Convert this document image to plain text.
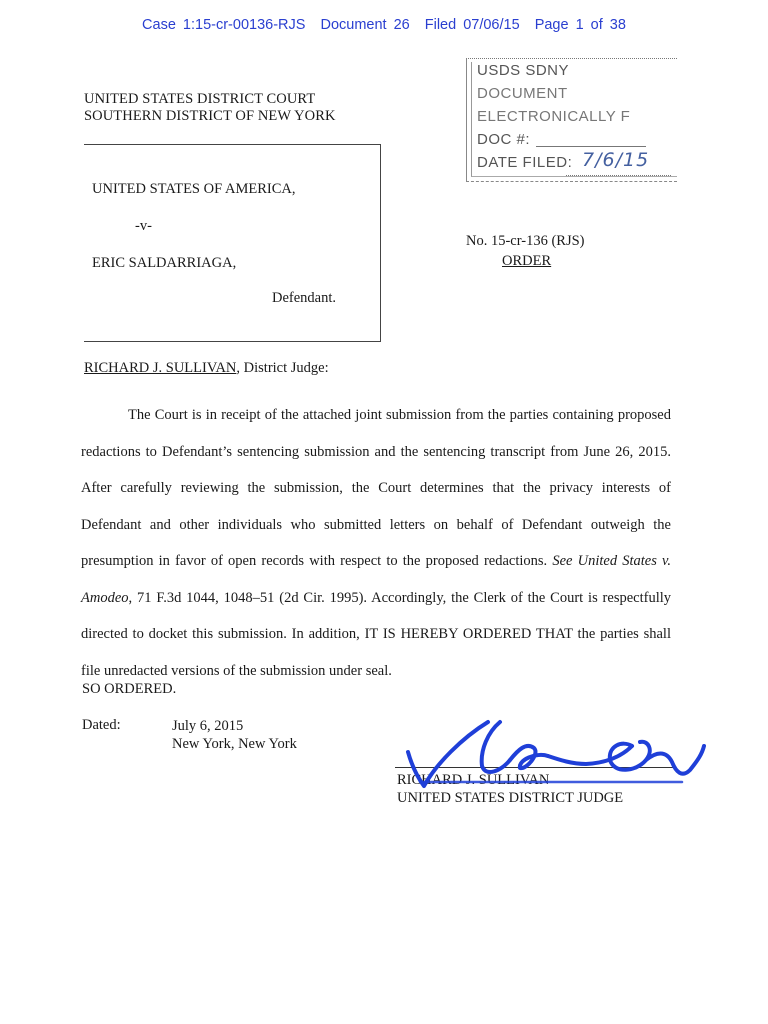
Case 1:15-cr-00136-RJS Document 26 Filed 07/06/15 Page 1 of 38
UNITED STATES DISTRICT COURT
SOUTHERN DISTRICT OF NEW YORK
USDS SDNY
DOCUMENT
ELECTRONICALLY F
DOC #:
DATE FILED: 7/6/15
UNITED STATES OF AMERICA,
-v-
ERIC SALDARRIAGA,
Defendant.
No. 15-cr-136 (RJS)
ORDER
RICHARD J. SULLIVAN, District Judge:
The Court is in receipt of the attached joint submission from the parties containing proposed redactions to Defendant’s sentencing submission and the sentencing transcript from June 26, 2015. After carefully reviewing the submission, the Court determines that the privacy interests of Defendant and other individuals who submitted letters on behalf of Defendant outweigh the presumption in favor of open records with respect to the proposed redactions. See United States v. Amodeo, 71 F.3d 1044, 1048–51 (2d Cir. 1995). Accordingly, the Clerk of the Court is respectfully directed to docket this submission. In addition, IT IS HEREBY ORDERED THAT the parties shall file unredacted versions of the submission under seal.
SO ORDERED.
Dated:	July 6, 2015
New York, New York
RICHARD J. SULLIVAN
UNITED STATES DISTRICT JUDGE
